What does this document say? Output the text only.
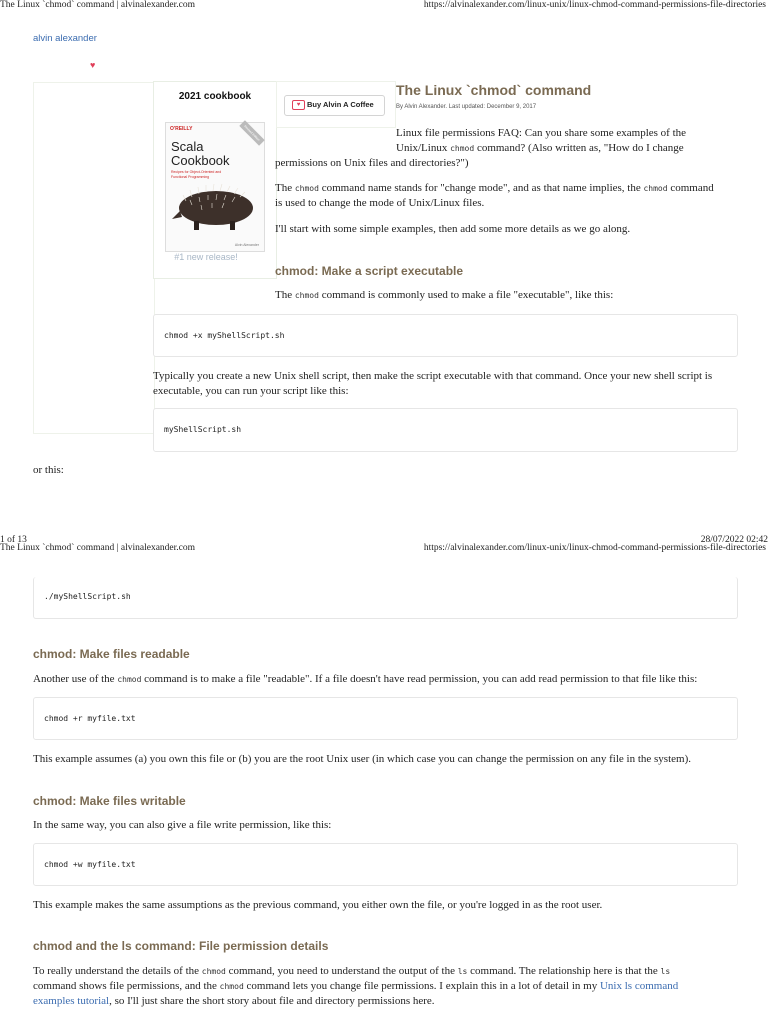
The Linux `chmod` command | alvinalexander.com	https://alvinalexander.com/linux-unix/linux-chmod-command-permissions-file-directories
alvin alexander
♥
2021 cookbook
O'REILLY	Revised Edition
Scala
Cookbook
Recipes for Object-Oriented and Functional Programming
Alvin Alexander
#1 new release!
♥ Buy Alvin A Coffee
The Linux `chmod` command
By Alvin Alexander. Last updated: December 9, 2017
Linux file permissions FAQ: Can you share some examples of the
Unix/Linux chmod command? (Also written as, "How do I change
permissions on Unix files and directories?")
The chmod command name stands for "change mode", and as that name implies, the chmod command
is used to change the mode of Unix/Linux files.
I'll start with some simple examples, then add some more details as we go along.
chmod: Make a script executable
The chmod command is commonly used to make a file "executable", like this:
chmod +x myShellScript.sh
Typically you create a new Unix shell script, then make the script executable with that command. Once your new shell script is
executable, you can run your script like this:
myShellScript.sh
or this:
1 of 13	28/07/2022 02:42
The Linux `chmod` command | alvinalexander.com	https://alvinalexander.com/linux-unix/linux-chmod-command-permissions-file-directories
./myShellScript.sh
chmod: Make files readable
Another use of the chmod command is to make a file "readable". If a file doesn't have read permission, you can add read permission to that file like this:
chmod +r myfile.txt
This example assumes (a) you own this file or (b) you are the root Unix user (in which case you can change the permission on any file in the system).
chmod: Make files writable
In the same way, you can also give a file write permission, like this:
chmod +w myfile.txt
This example makes the same assumptions as the previous command, you either own the file, or you're logged in as the root user.
chmod and the ls command: File permission details
To really understand the details of the chmod command, you need to understand the output of the ls command. The relationship here is that the ls
command shows file permissions, and the chmod command lets you change file permissions. I explain this in a lot of detail in my Unix ls command
examples tutorial, so I'll just share the short story about file and directory permissions here.
